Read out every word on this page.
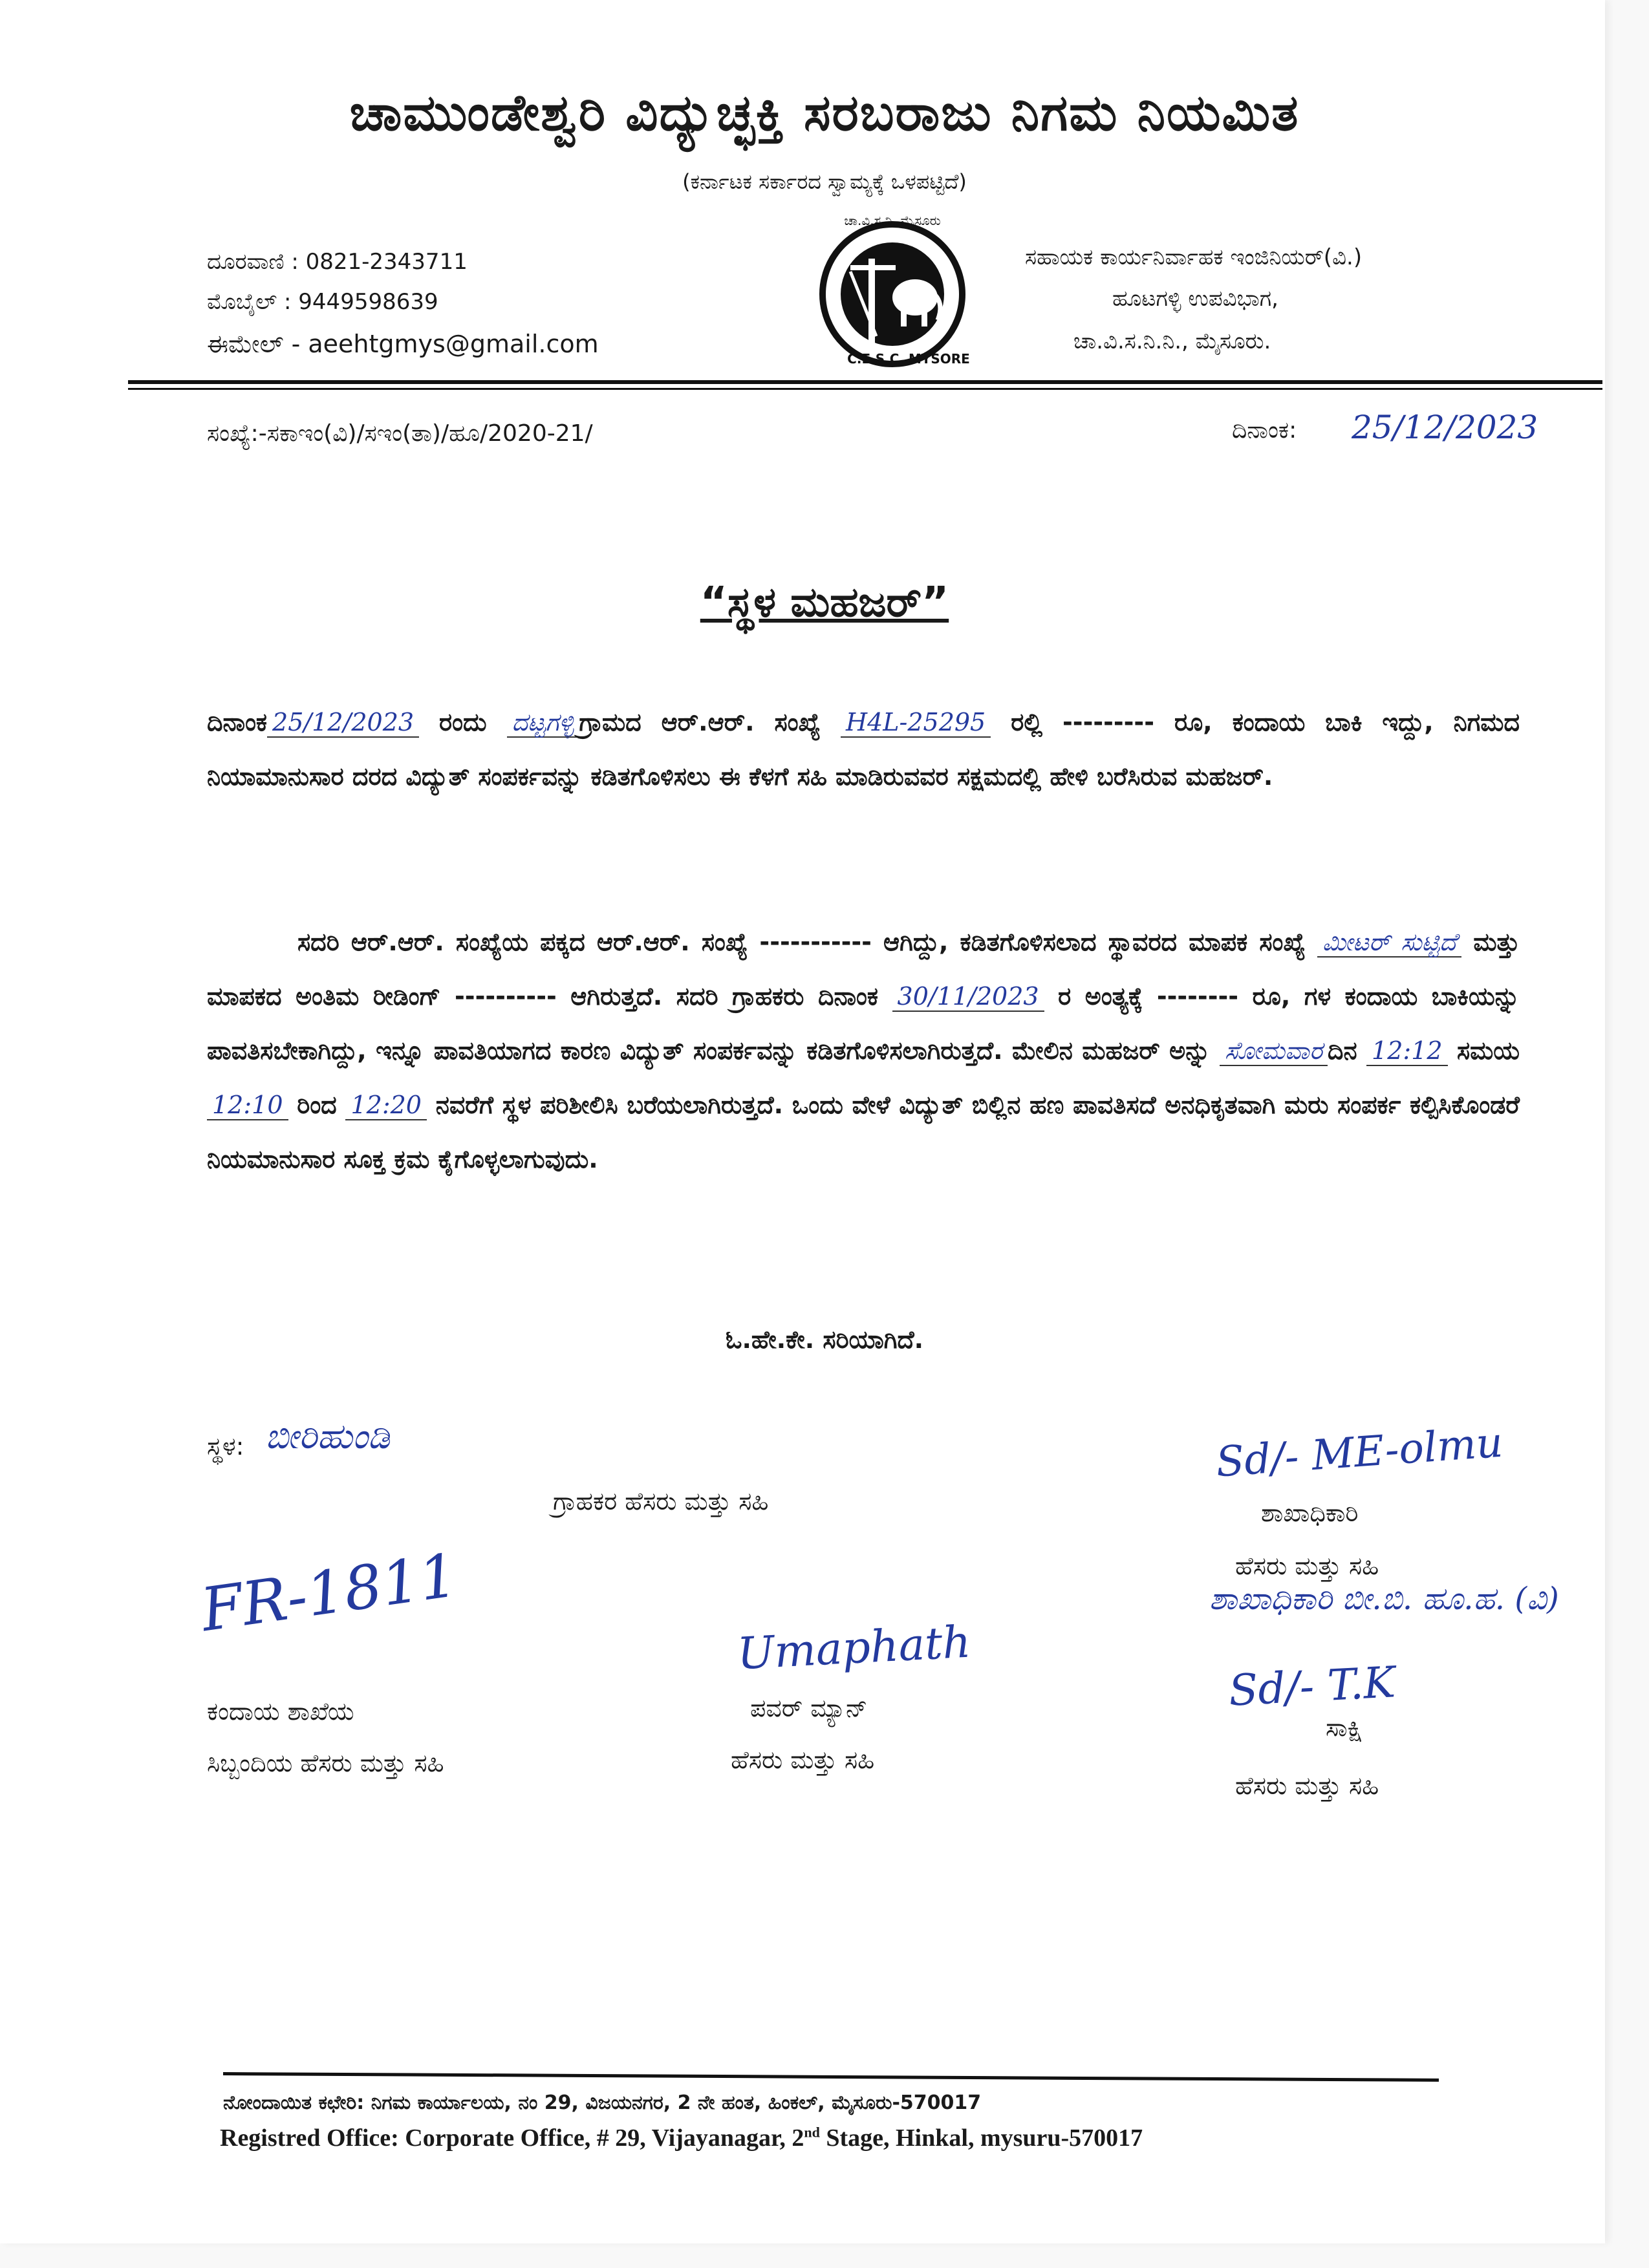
ಚಾಮುಂಡೇಶ್ವರಿ ವಿದ್ಯುಚ್ಛಕ್ತಿ ಸರಬರಾಜು ನಿಗಮ ನಿಯಮಿತ
(ಕರ್ನಾಟಕ ಸರ್ಕಾರದ ಸ್ವಾಮ್ಯಕ್ಕೆ ಒಳಪಟ್ಟಿದೆ)
ದೂರವಾಣಿ : 0821-2343711
ಮೊಬೈಲ್ : 9449598639
ಈಮೇಲ್ - aeehtgmys@gmail.com
ಚಾ.ವಿ.ಸ.ನಿ. ಮೈಸೂರು
C.E.S.C. MYSORE
ಸಹಾಯಕ ಕಾರ್ಯನಿರ್ವಾಹಕ ಇಂಜಿನಿಯರ್(ವಿ.)
ಹೂಟಗಳ್ಳಿ ಉಪವಿಭಾಗ,
ಚಾ.ವಿ.ಸ.ನಿ.ನಿ., ಮೈಸೂರು.
ಸಂಖ್ಯೆ:-ಸಕಾಇಂ(ವಿ)/ಸಇಂ(ತಾ)/ಹೂ/2020-21/	ದಿನಾಂಕ: 25/12/2023
“ಸ್ಥಳ ಮಹಜರ್”
ದಿನಾಂಕ 25/12/2023 ರಂದು ದಟ್ಟಗಳ್ಳಿ ಗ್ರಾಮದ ಆರ್.ಆರ್. ಸಂಖ್ಯೆ H4L-25295 ರಲ್ಲಿ --------- ರೂ, ಕಂದಾಯ ಬಾಕಿ ಇದ್ದು, ನಿಗಮದ ನಿಯಾಮಾನುಸಾರ ದರದ ವಿದ್ಯುತ್ ಸಂಪರ್ಕವನ್ನು ಕಡಿತಗೊಳಿಸಲು ಈ ಕೆಳಗೆ ಸಹಿ ಮಾಡಿರುವವರ ಸಕ್ಷಮದಲ್ಲಿ ಹೇಳಿ ಬರೆಸಿರುವ ಮಹಜರ್.
ಸದರಿ ಆರ್.ಆರ್. ಸಂಖ್ಯೆಯ ಪಕ್ಕದ ಆರ್.ಆರ್. ಸಂಖ್ಯೆ ----------- ಆಗಿದ್ದು, ಕಡಿತಗೊಳಿಸಲಾದ ಸ್ಥಾವರದ ಮಾಪಕ ಸಂಖ್ಯೆ ಮೀಟರ್ ಸುಟ್ಟಿದೆ ಮತ್ತು ಮಾಪಕದ ಅಂತಿಮ ರೀಡಿಂಗ್ ---------- ಆಗಿರುತ್ತದೆ. ಸದರಿ ಗ್ರಾಹಕರು ದಿನಾಂಕ 30/11/2023 ರ ಅಂತ್ಯಕ್ಕೆ -------- ರೂ, ಗಳ ಕಂದಾಯ ಬಾಕಿಯನ್ನು ಪಾವತಿಸಬೇಕಾಗಿದ್ದು, ಇನ್ನೂ ಪಾವತಿಯಾಗದ ಕಾರಣ ವಿದ್ಯುತ್ ಸಂಪರ್ಕವನ್ನು ಕಡಿತಗೊಳಿಸಲಾಗಿರುತ್ತದೆ. ಮೇಲಿನ ಮಹಜರ್ ಅನ್ನು ಸೋಮವಾರ ದಿನ 12:12 ಸಮಯ 12:10 ರಿಂದ 12:20 ನವರೆಗೆ ಸ್ಥಳ ಪರಿಶೀಲಿಸಿ ಬರೆಯಲಾಗಿರುತ್ತದೆ. ಒಂದು ವೇಳೆ ವಿದ್ಯುತ್ ಬಿಲ್ಲಿನ ಹಣ ಪಾವತಿಸದೆ ಅನಧಿಕೃತವಾಗಿ ಮರು ಸಂಪರ್ಕ ಕಲ್ಪಿಸಿಕೊಂಡರೆ ನಿಯಮಾನುಸಾರ ಸೂಕ್ತ ಕ್ರಮ ಕೈಗೊಳ್ಳಲಾಗುವುದು.
ಓ.ಹೇ.ಕೇ. ಸರಿಯಾಗಿದೆ.
ಸ್ಥಳ: ಬೀರಿಹುಂಡಿ
ಗ್ರಾಹಕರ ಹೆಸರು ಮತ್ತು ಸಹಿ
FR-1811
Sd/- ME-olmu
ಶಾಖಾಧಿಕಾರಿ
ಹೆಸರು ಮತ್ತು ಸಹಿ
ಶಾಖಾಧಿಕಾರಿ ಬೀ.ಬಿ. ಹೂ.ಹ. (ವಿ)
Umaphath
ಪವರ್ ಮ್ಯಾನ್
ಹೆಸರು ಮತ್ತು ಸಹಿ
ಕಂದಾಯ ಶಾಖೆಯ
ಸಿಬ್ಬಂದಿಯ ಹೆಸರು ಮತ್ತು ಸಹಿ
Sd/- T.K
ಸಾಕ್ಷಿ
ಹೆಸರು ಮತ್ತು ಸಹಿ
ನೋಂದಾಯಿತ ಕಛೇರಿ: ನಿಗಮ ಕಾರ್ಯಾಲಯ, ನಂ 29, ವಿಜಯನಗರ, 2 ನೇ ಹಂತ, ಹಿಂಕಲ್, ಮೈಸೂರು-570017
Registred Office: Corporate Office, # 29, Vijayanagar, 2nd Stage, Hinkal, mysuru-570017
